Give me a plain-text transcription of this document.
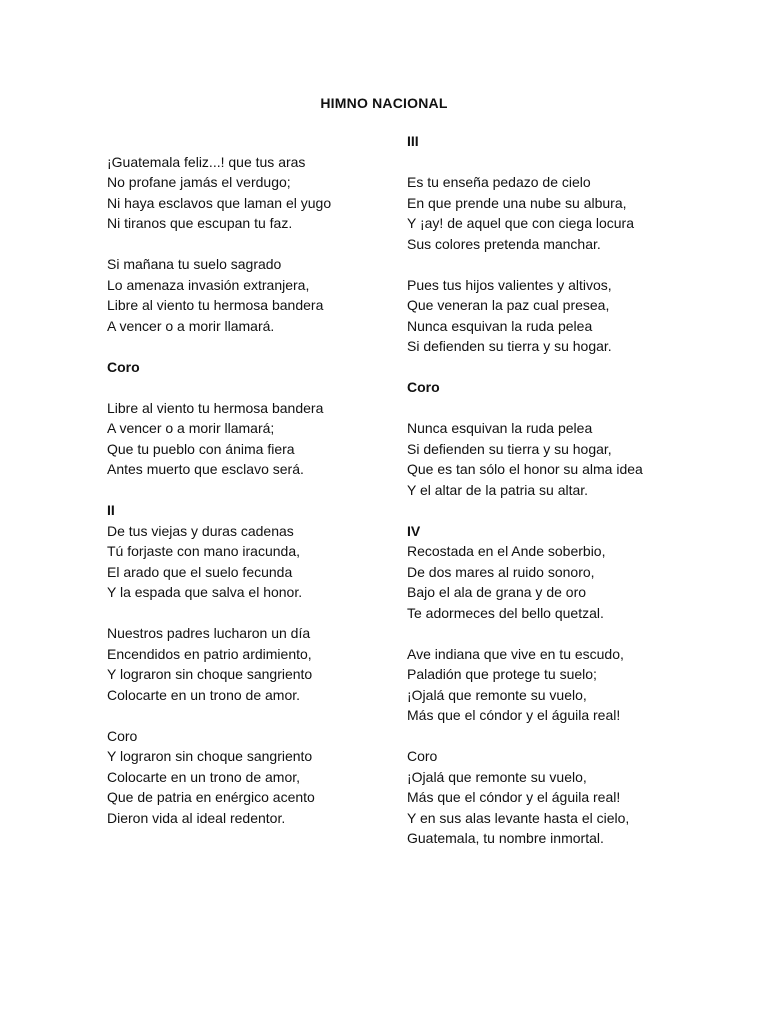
HIMNO NACIONAL
¡Guatemala feliz...! que tus aras
No profane jamás el verdugo;
Ni haya esclavos que laman el yugo
Ni tiranos que escupan tu faz.
Si mañana tu suelo sagrado
Lo amenaza invasión extranjera,
Libre al viento tu hermosa bandera
A vencer o a morir llamará.
Coro
Libre al viento tu hermosa bandera
A vencer o a morir llamará;
Que tu pueblo con ánima fiera
Antes muerto que esclavo será.
II
De tus viejas y duras cadenas
Tú forjaste con mano iracunda,
El arado que el suelo fecunda
Y la espada que salva el honor.
Nuestros padres lucharon un día
Encendidos en patrio ardimiento,
Y lograron sin choque sangriento
Colocarte en un trono de amor.
Coro
Y lograron sin choque sangriento
Colocarte en un trono de amor,
Que de patria en enérgico acento
Dieron vida al ideal redentor.
III
Es tu enseña pedazo de cielo
En que prende una nube su albura,
Y ¡ay! de aquel que con ciega locura
Sus colores pretenda manchar.
Pues tus hijos valientes y altivos,
Que veneran la paz cual presea,
Nunca esquivan la ruda pelea
Si defienden su tierra y su hogar.
Coro
Nunca esquivan la ruda pelea
Si defienden su tierra y su hogar,
Que es tan sólo el honor su alma idea
Y el altar de la patria su altar.
IV
Recostada en el Ande soberbio,
De dos mares al ruido sonoro,
Bajo el ala de grana y de oro
Te adormeces del bello quetzal.
Ave indiana que vive en tu escudo,
Paladión que protege tu suelo;
¡Ojalá que remonte su vuelo,
Más que el cóndor y el águila real!
Coro
¡Ojalá que remonte su vuelo,
Más que el cóndor y el águila real!
Y en sus alas levante hasta el cielo,
Guatemala, tu nombre inmortal.
